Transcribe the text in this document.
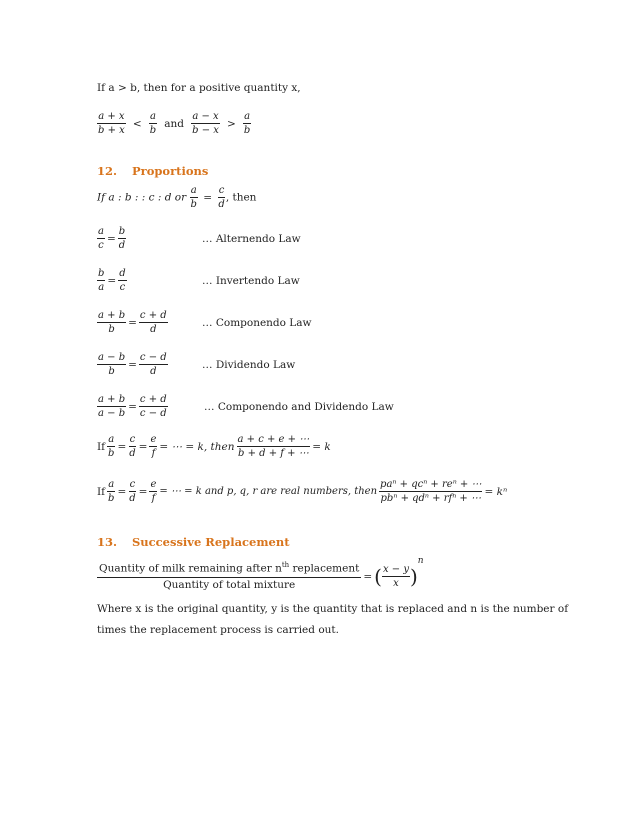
If a > b, then for a positive quantity x,
$\frac{a + x}{b + x} < \frac{a}{b}$ and $\frac{a - x}{b - x} > \frac{a}{b}$
12. Proportions
If a : b : : c : d or $\frac{a}{b} = \frac{c}{d}$ , then
$\frac{a}{c} = \frac{b}{d}$	… Alternendo Law
$\frac{b}{a} = \frac{d}{c}$	… Invertendo Law
$\frac{a + b}{b} = \frac{c + d}{d}$	… Componendo Law
$\frac{a - b}{b} = \frac{c - d}{d}$	… Dividendo Law
$\frac{a + b}{a - b} = \frac{c + d}{c - d}$	… Componendo and Dividendo Law
If $\frac{a}{b} = \frac{c}{d} = \frac{e}{f}$ = ⋯ = k, then $\frac{a + c + e + \cdots}{b + d + f + \cdots} = k$
If $\frac{a}{b} = \frac{c}{d} = \frac{e}{f}$ = ⋯ = k and p, q, r are real numbers, then $\frac{\text{paⁿ + qcⁿ + reⁿ + ⋯}}{\text{pbⁿ + qdⁿ + rfⁿ + ⋯}} = k^n$
13. Successive Replacement
$\frac{Quantity of milk remaining after n^{th} replacement}{\text{Quantity of total mixture}}$ = ( $\frac{x - y}{x} )^n$
Where x is the original quantity, y is the quantity that is replaced and n is the number of
times the replacement process is carried out.
